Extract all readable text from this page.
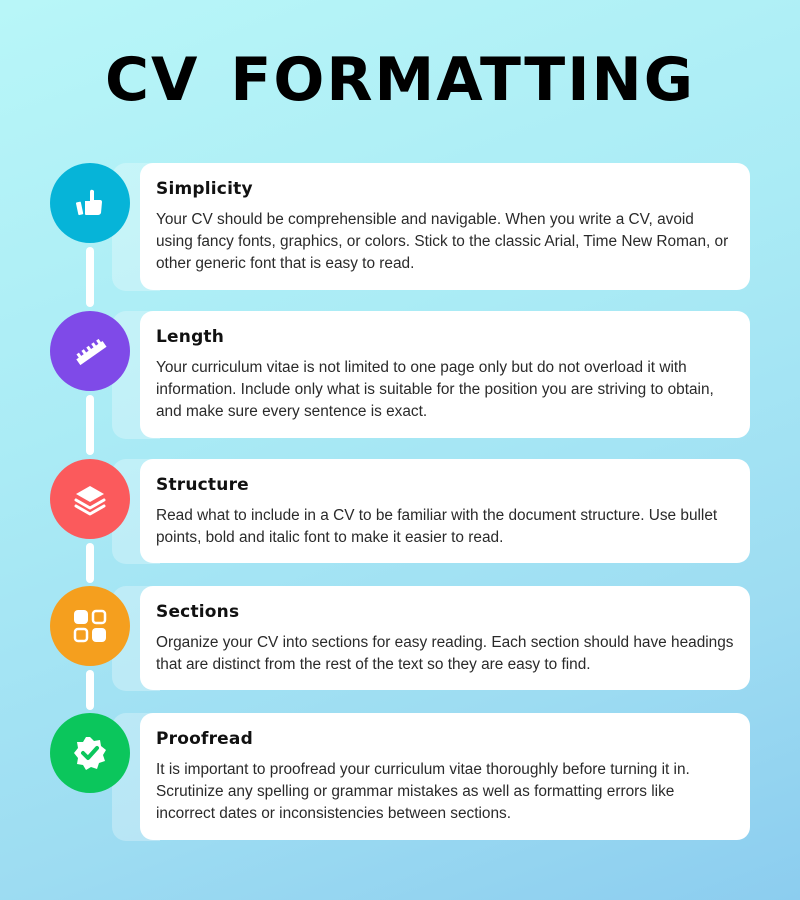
CV FORMATTING
Simplicity
Your CV should be comprehensible and navigable. When you write a CV, avoid using fancy fonts, graphics, or colors. Stick to the classic Arial, Time New Roman, or other generic font that is easy to read.
Length
Your curriculum vitae is not limited to one page only but do not overload it with information. Include only what is suitable for the position you are striving to obtain, and make sure every sentence is exact.
Structure
Read what to include in a CV to be familiar with the document structure. Use bullet points, bold and italic font to make it easier to read.
Sections
Organize your CV into sections for easy reading. Each section should have headings that are distinct from the rest of the text so they are easy to find.
Proofread
It is important to proofread your curriculum vitae thoroughly before turning it in. Scrutinize any spelling or grammar mistakes as well as formatting errors like incorrect dates or inconsistencies between sections.
